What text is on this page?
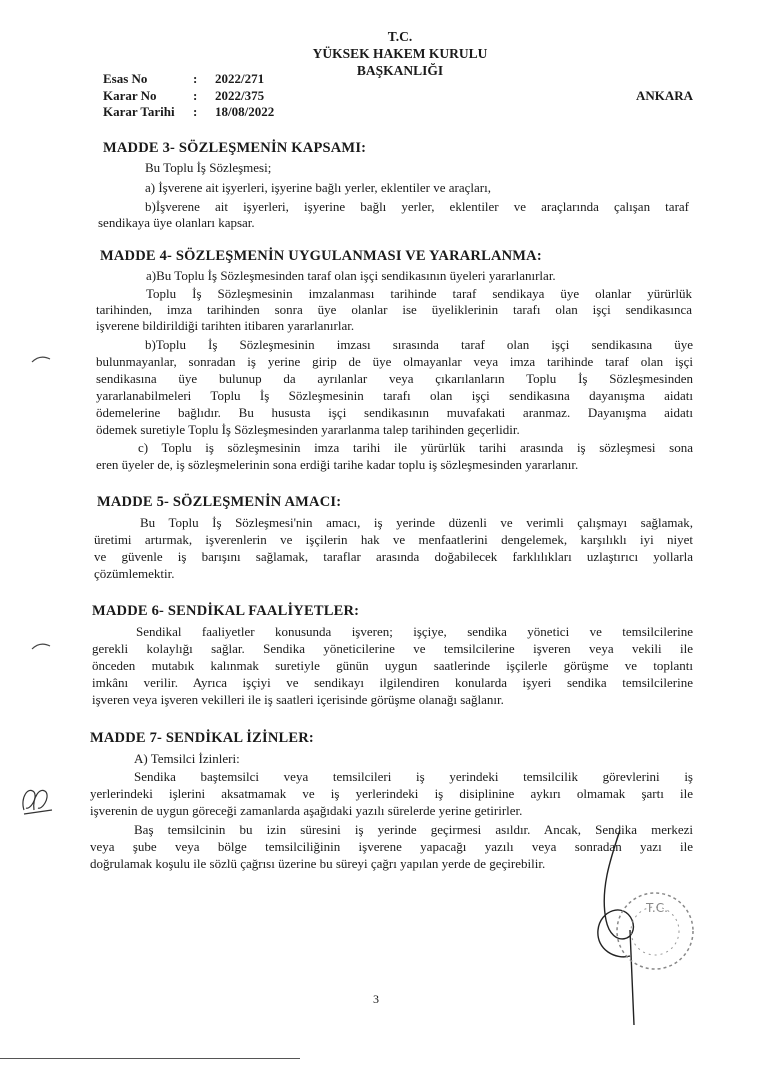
T.C.
YÜKSEK HAKEM KURULU
BAŞKANLIĞI
Esas No	:	2022/271
Karar No	:	2022/375
Karar Tarihi	:	18/08/2022
ANKARA
MADDE 3- SÖZLEŞMENİN KAPSAMI:
Bu Toplu İş Sözleşmesi;
a) İşverene ait işyerleri, işyerine bağlı yerler, eklentiler ve araçları,
b)İşverene ait işyerleri, işyerine bağlı yerler, eklentiler ve araçlarında çalışan taraf
sendikaya üye olanları kapsar.
MADDE 4- SÖZLEŞMENİN UYGULANMASI VE YARARLANMA:
a)Bu Toplu İş Sözleşmesinden taraf olan işçi sendikasının üyeleri yararlanırlar.
Toplu İş Sözleşmesinin imzalanması tarihinde taraf sendikaya üye olanlar yürürlük
tarihinden, imza tarihinden sonra üye olanlar ise üyeliklerinin tarafı olan işçi sendikasınca
işverene bildirildiği tarihten itibaren yararlanırlar.
b)Toplu İş Sözleşmesinin imzası sırasında taraf olan işçi sendikasına üye
bulunmayanlar, sonradan iş yerine girip de üye olmayanlar veya imza tarihinde taraf olan işçi
sendikasına üye bulunup da ayrılanlar veya çıkarılanların Toplu İş Sözleşmesinden
yararlanabilmeleri Toplu İş Sözleşmesinin tarafı olan işçi sendikasına dayanışma aidatı
ödemelerine bağlıdır. Bu hususta işçi sendikasının muvafakati aranmaz. Dayanışma aidatı
ödemek suretiyle Toplu İş Sözleşmesinden yararlanma talep tarihinden geçerlidir.
c) Toplu iş sözleşmesinin imza tarihi ile yürürlük tarihi arasında iş sözleşmesi sona
eren üyeler de, iş sözleşmelerinin sona erdiği tarihe kadar toplu iş sözleşmesinden yararlanır.
MADDE 5- SÖZLEŞMENİN AMACI:
Bu Toplu İş Sözleşmesi'nin amacı, iş yerinde düzenli ve verimli çalışmayı sağlamak,
üretimi artırmak, işverenlerin ve işçilerin hak ve menfaatlerini dengelemek, karşılıklı iyi niyet
ve güvenle iş barışını sağlamak, taraflar arasında doğabilecek farklılıkları uzlaştırıcı yollarla
çözümlemektir.
MADDE 6- SENDİKAL FAALİYETLER:
Sendikal faaliyetler konusunda işveren; işçiye, sendika yönetici ve temsilcilerine
gerekli kolaylığı sağlar. Sendika yöneticilerine ve temsilcilerine işveren veya vekili ile
önceden mutabık kalınmak suretiyle günün uygun saatlerinde işçilerle görüşme ve toplantı
imkânı verilir. Ayrıca işçiyi ve sendikayı ilgilendiren konularda işyeri sendika temsilcilerine
işveren veya işveren vekilleri ile iş saatleri içerisinde görüşme olanağı sağlanır.
MADDE 7- SENDİKAL İZİNLER:
A) Temsilci İzinleri:
Sendika baştemsilci veya temsilcileri iş yerindeki temsilcilik görevlerini iş
yerlerindeki işlerini aksatmamak ve iş yerlerindeki iş disiplinine aykırı olmamak şartı ile
işverenin de uygun göreceği zamanlarda aşağıdaki yazılı sürelerde yerine getirirler.
Baş temsilcinin bu izin süresini iş yerinde geçirmesi asıldır. Ancak, Sendika merkezi
veya şube veya bölge temsilciliğinin işverene yapacağı yazılı veya sonradan yazı ile
doğrulamak koşulu ile sözlü çağrısı üzerine bu süreyi çağrı yapılan yerde de geçirebilir.
3
T.C.
